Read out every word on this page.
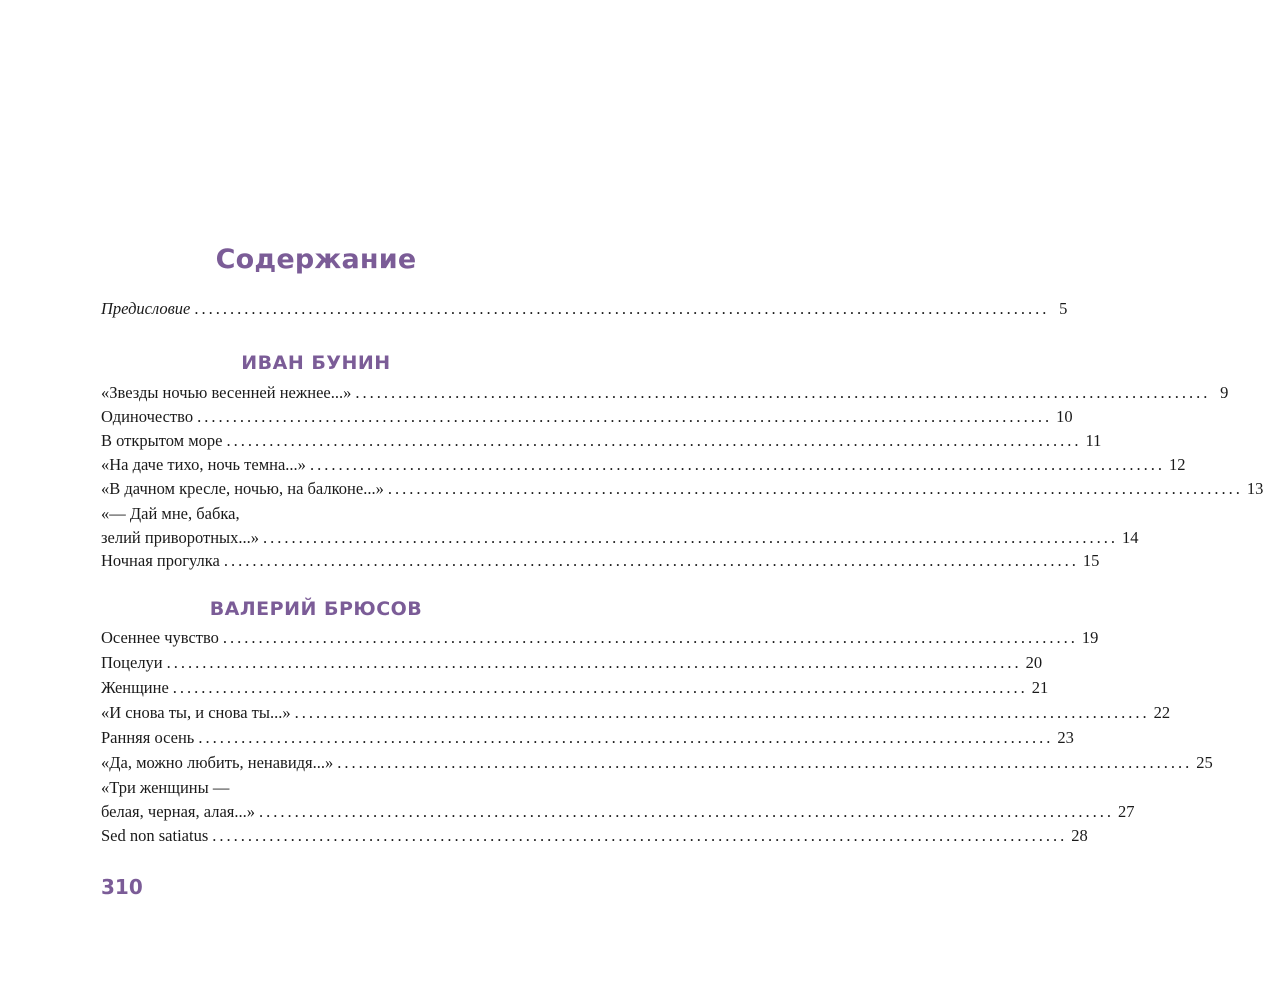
Содержание
Предисловие ........................................................................................................................ 5
ИВАН БУНИН
«Звезды ночью весенней нежнее...» ........................................................................................................................ 9
Одиночество ........................................................................................................................ 10
В открытом море ........................................................................................................................ 11
«На даче тихо, ночь темна...» ........................................................................................................................ 12
«В дачном кресле, ночью, на балконе...» ........................................................................................................................ 13
«— Дай мне, бабка,
зелий приворотных...» ........................................................................................................................ 14
Ночная прогулка ........................................................................................................................ 15
ВАЛЕРИЙ БРЮСОВ
Осеннее чувство ........................................................................................................................ 19
Поцелуи ........................................................................................................................ 20
Женщине ........................................................................................................................ 21
«И снова ты, и снова ты...» ........................................................................................................................ 22
Ранняя осень ........................................................................................................................ 23
«Да, можно любить, ненавидя...» ........................................................................................................................ 25
«Три женщины —
белая, черная, алая...» ........................................................................................................................ 27
Sed non satiatus ........................................................................................................................ 28
310
